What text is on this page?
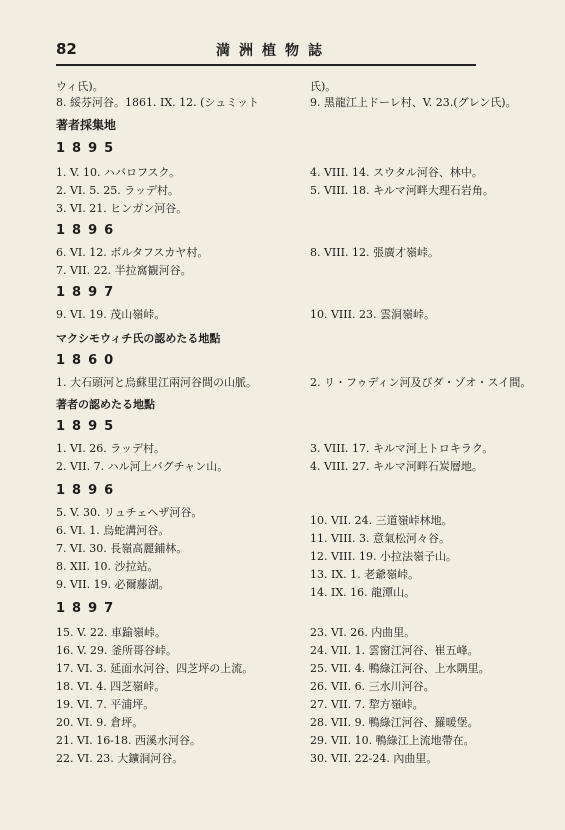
82	満洲植物誌
ウィ氏)。
8. 綏芬河谷。1861. IX. 12. (シュミット
著者採集地
1895
1. V. 10. ハバロフスク。
2. VI. 5. 25. ラッデ村。
3. VI. 21. ヒンガン河谷。
1896
6. VI. 12. ボルタフスカヤ村。
7. VII. 22. 半拉窩観河谷。
1897
9. VI. 19. 茂山嶺峠。
マクシモウィチ氏の認めたる地點
1860
1. 大石頭河と烏蘇里江兩河谷間の山脈。
著者の認めたる地點
1895
1. VI. 26. ラッデ村。
2. VII. 7. ハル河上バグチャン山。
1896
5. V. 30. リュチェヘザ河谷。
6. VI. 1. 烏蛇溝河谷。
7. VI. 30. 長嶺高麗鋪林。
8. XII. 10. 沙拉站。
9. VII. 19. 必爾藤湖。
1897
15. V. 22. 車踰嶺峠。
16. V. 29. 釜所哥谷峠。
17. VI. 3. 延面水河谷、四芝坪の上流。
18. VI. 4. 四芝嶺峠。
19. VI. 7. 平浦坪。
20. VI. 9. 倉坪。
21. VI. 16-18. 西溪水河谷。
22. VI. 23. 大鑛洞河谷。
氏)。
9. 黑龍江上ドーレ村、V. 23.(グレン氏)。
4. VIII. 14. スウタル河谷、林中。
5. VIII. 18. キルマ河畔大理石岩角。
8. VIII. 12. 張廣才嶺峠。
10. VIII. 23. 雲洞嶺峠。
2. リ・フゥディン河及びダ・ゾオ・スイ間。
3. VIII. 17. キルマ河上トロキラク。
4. VIII. 27. キルマ河畔石炭層地。
10. VII. 24. 三道嶺峠林地。
11. VIII. 3. 意氣松河々谷。
12. VIII. 19. 小拉法嶺子山。
13. IX. 1. 老爺嶺峠。
14. IX. 16. 龍潭山。
23. VI. 26. 内曲里。
24. VII. 1. 雲窗江河谷、崔五峰。
25. VII. 4. 鴨綠江河谷、上水隅里。
26. VII. 6. 三水川河谷。
27. VII. 7. 犂方嶺峠。
28. VII. 9. 鴨綠江河谷、羅暖堡。
29. VII. 10. 鴨綠江上流地帶在。
30. VII. 22-24. 內曲里。
